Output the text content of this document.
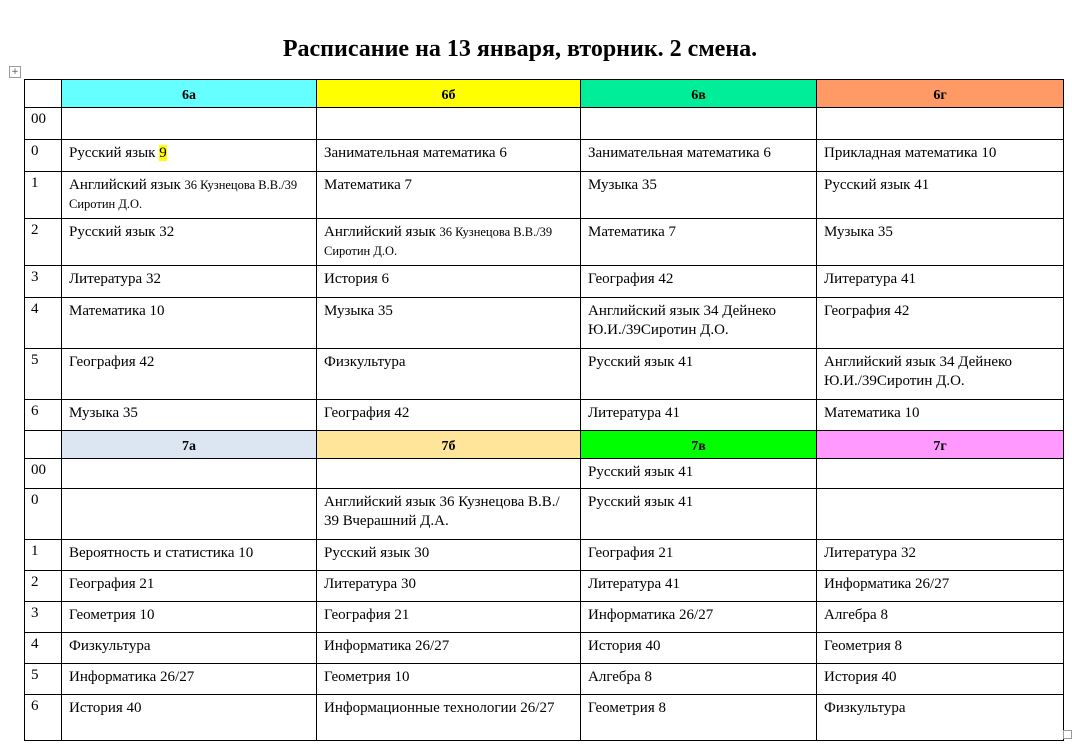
Расписание на 13 января, вторник. 2 смена.
+
	6а	6б	6в	6г
00				
0	Русский язык 9	Занимательная математика 6	Занимательная математика 6	Прикладная математика 10
1	Английский язык 36 Кузнецова В.В./39 Сиротин Д.О.	Математика 7	Музыка 35	Русский язык 41
2	Русский язык 32	Английский язык 36 Кузнецова В.В./39 Сиротин Д.О.	Математика 7	Музыка 35
3	Литература 32	История 6	География 42	Литература 41
4	Математика 10	Музыка 35	Английский язык 34 Дейнеко Ю.И./39Сиротин Д.О.	География 42
5	География 42	Физкультура	Русский язык 41	Английский язык 34 Дейнеко Ю.И./39Сиротин Д.О.
6	Музыка 35	География 42	Литература 41	Математика 10
	7а	7б	7в	7г
00			Русский язык 41	
0		Английский язык 36 Кузнецова В.В./ 39 Вчерашний Д.А.	Русский язык 41	
1	Вероятность и статистика 10	Русский язык 30	География 21	Литература 32
2	География 21	Литература 30	Литература 41	Информатика 26/27
3	Геометрия 10	География 21	Информатика 26/27	Алгебра 8
4	Физкультура	Информатика 26/27	История 40	Геометрия 8
5	Информатика 26/27	Геометрия 10	Алгебра 8	История 40
6	История 40	Информационные технологии 26/27	Геометрия 8	Физкультура
